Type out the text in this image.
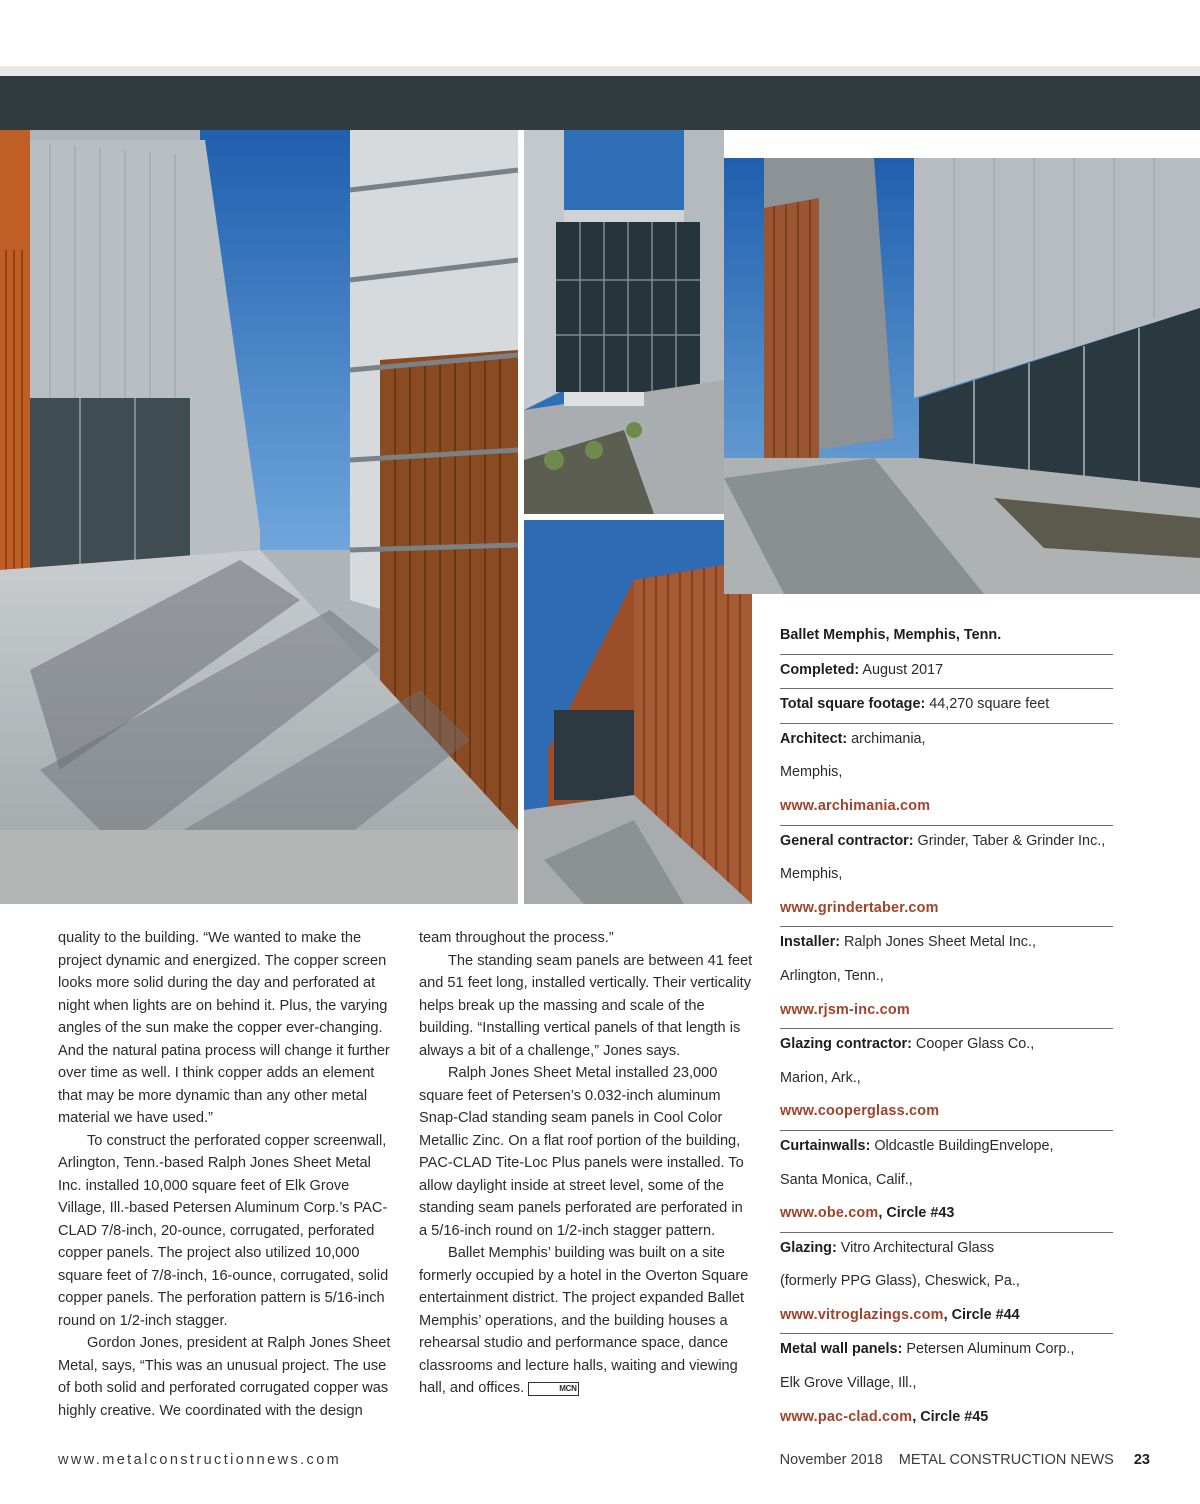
quality to the building. “We wanted to make the project dynamic and energized. The copper screen looks more solid during the day and perforated at night when lights are on behind it. Plus, the varying angles of the sun make the copper ever-changing. And the natural patina process will change it further over time as well. I think copper adds an element that may be more dynamic than any other metal material we have used.”

To construct the perforated copper screenwall, Arlington, Tenn.-based Ralph Jones Sheet Metal Inc. installed 10,000 square feet of Elk Grove Village, Ill.-based Petersen Aluminum Corp.’s PAC-CLAD 7/8-inch, 20-ounce, corrugated, perforated copper panels. The project also utilized 10,000 square feet of 7/8-inch, 16-ounce, corrugated, solid copper panels. The perforation pattern is 5/16-inch round on 1/2-inch stagger.

Gordon Jones, president at Ralph Jones Sheet Metal, says, “This was an unusual project. The use of both solid and perforated corrugated copper was highly creative. We coordinated with the design

team throughout the process.”

The standing seam panels are between 41 feet and 51 feet long, installed vertically. Their verticality helps break up the massing and scale of the building. “Installing vertical panels of that length is always a bit of a challenge,” Jones says.

Ralph Jones Sheet Metal installed 23,000 square feet of Petersen’s 0.032-inch aluminum Snap-Clad standing seam panels in Cool Color Metallic Zinc. On a flat roof portion of the building, PAC-CLAD Tite-Loc Plus panels were installed. To allow daylight inside at street level, some of the standing seam panels perforated are perforated in a 5/16-inch round on 1/2-inch stagger pattern.

Ballet Memphis’ building was built on a site formerly occupied by a hotel in the Overton Square entertainment district. The project expanded Ballet Memphis’ operations, and the building houses a rehearsal studio and performance space, dance classrooms and lecture halls, waiting and viewing hall, and offices.	MCN

Ballet Memphis, Memphis, Tenn.
Completed: August 2017
Total square footage: 44,270 square feet
Architect: archimania,
Memphis,
www.archimania.com
General contractor: Grinder, Taber & Grinder Inc.,
Memphis,
www.grindertaber.com
Installer: Ralph Jones Sheet Metal Inc.,
Arlington, Tenn.,
www.rjsm-inc.com
Glazing contractor: Cooper Glass Co.,
Marion, Ark.,
www.cooperglass.com
Curtainwalls: Oldcastle BuildingEnvelope,
Santa Monica, Calif.,
www.obe.com, Circle #43
Glazing: Vitro Architectural Glass
(formerly PPG Glass), Cheswick, Pa.,
www.vitroglazings.com, Circle #44
Metal wall panels: Petersen Aluminum Corp.,
Elk Grove Village, Ill.,
www.pac-clad.com, Circle #45
www.metalconstructionnews.com	November 2018 METAL CONSTRUCTION NEWS 23
